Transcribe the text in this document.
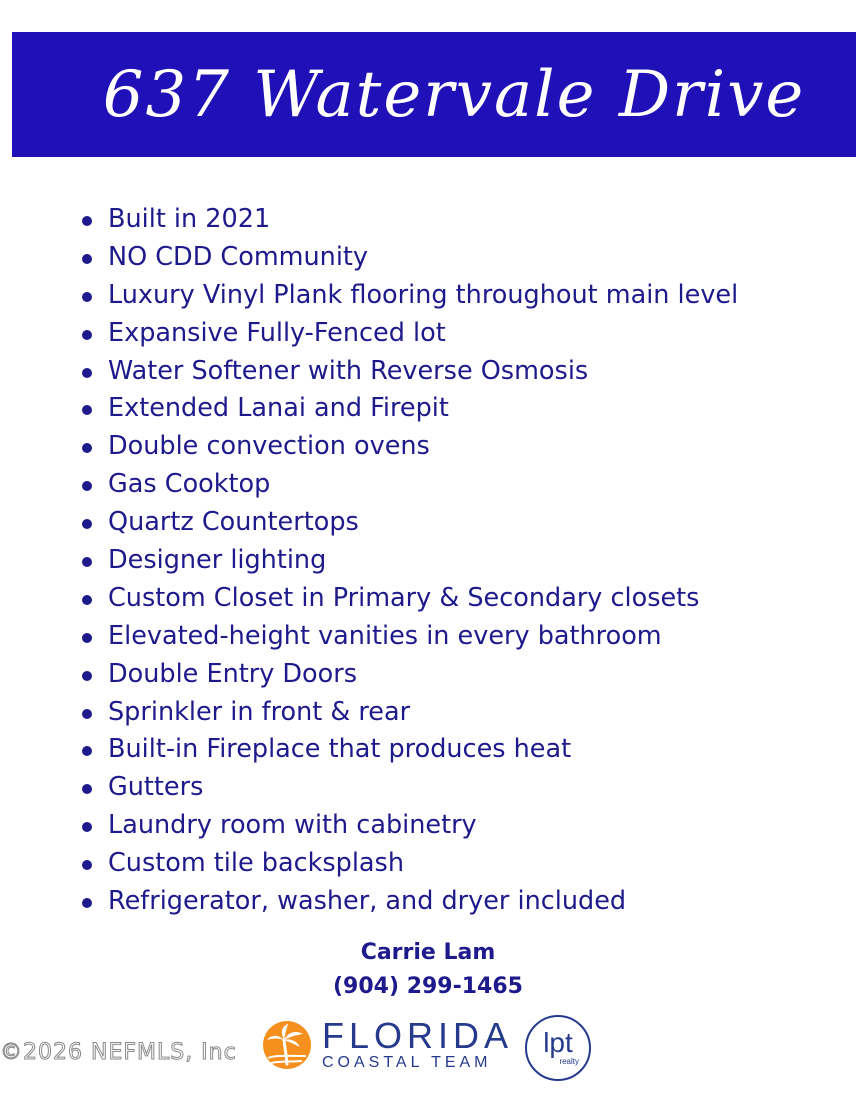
637 Watervale Drive
Built in 2021
NO CDD Community
Luxury Vinyl Plank flooring throughout main level
Expansive Fully-Fenced lot
Water Softener with Reverse Osmosis
Extended Lanai and Firepit
Double convection ovens
Gas Cooktop
Quartz Countertops
Designer lighting
Custom Closet in Primary & Secondary closets
Elevated-height vanities in every bathroom
Double Entry Doors
Sprinkler in front & rear
Built-in Fireplace that produces heat
Gutters
Laundry room with cabinetry
Custom tile backsplash
Refrigerator, washer, and dryer included
Carrie Lam
(904) 299-1465
©2026 NEFMLS, Inc FLORIDA
COASTAL TEAM
lpt
realty
